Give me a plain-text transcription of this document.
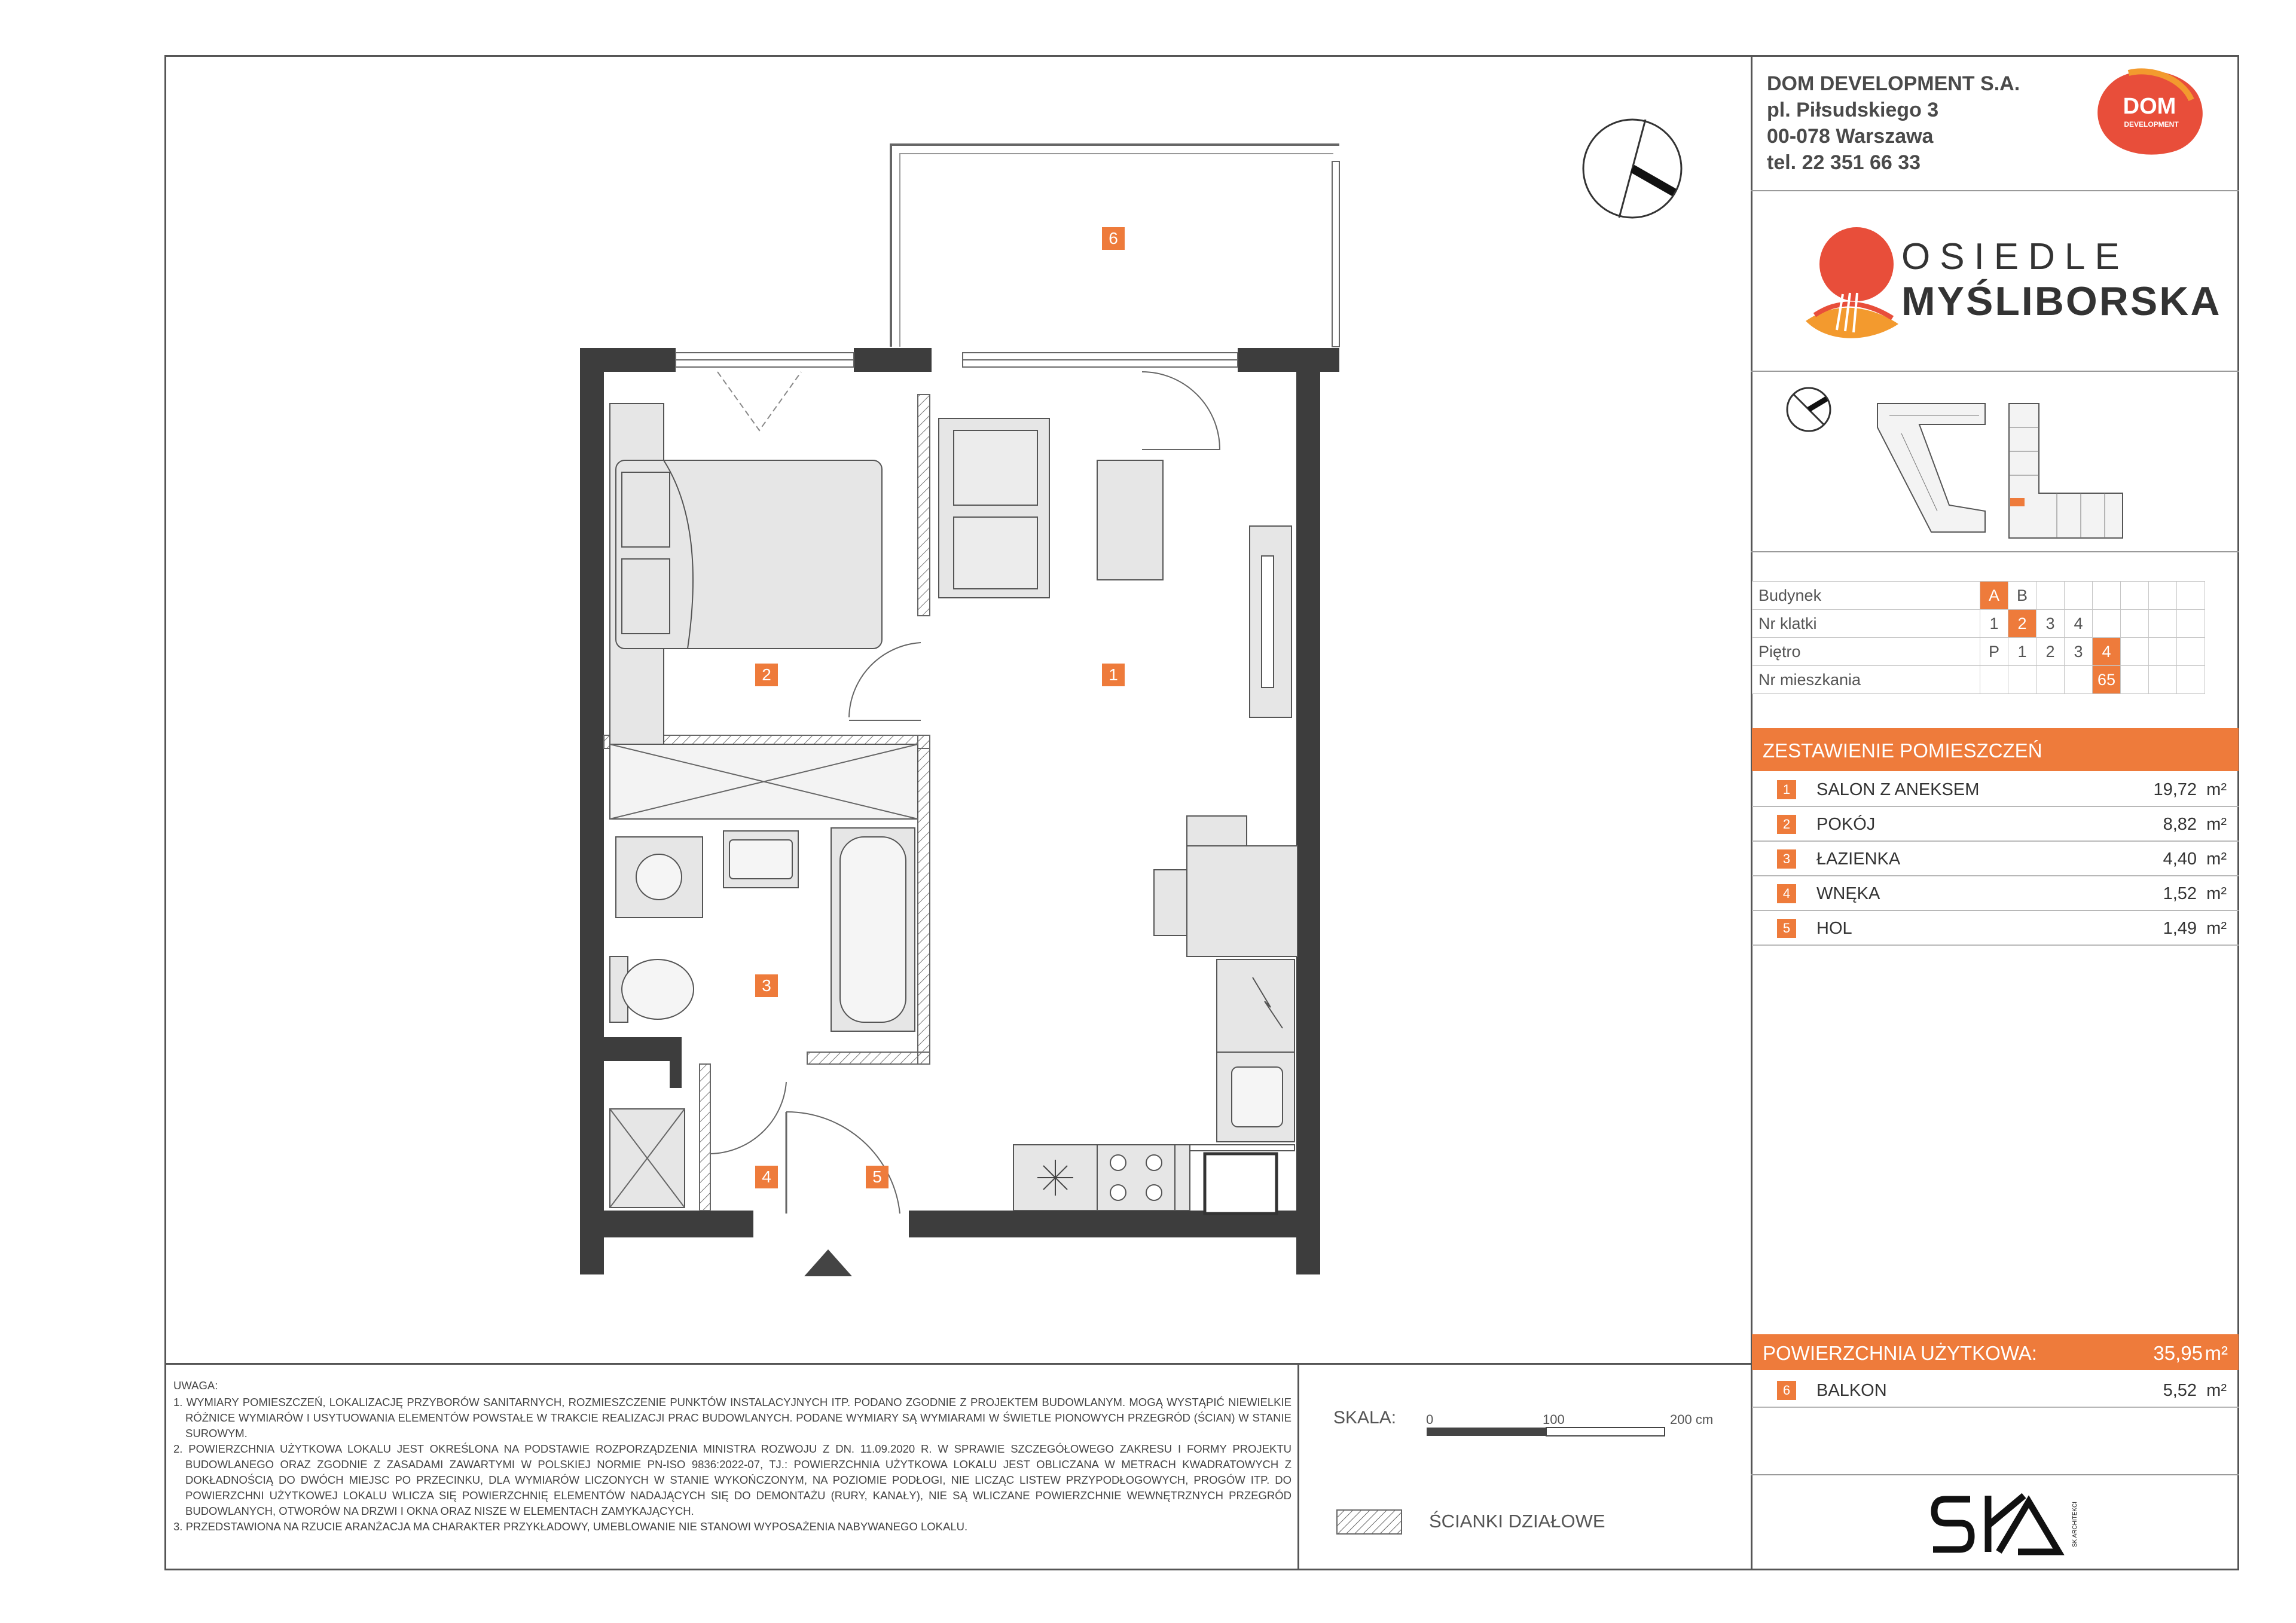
DOM DEVELOPMENT S.A.
pl. Piłsudskiego 3
00-078 Warszawa
tel. 22 351 66 33
DOM
DEVELOPMENT
OSIEDLE
MYŚLIBORSKA
Budynek	A	B						
Nr klatki	1	2	3	4				
Piętro	P	1	2	3	4			
Nr mieszkania					65			
ZESTAWIENIE POMIESZCZEŃ
1	SALON Z ANEKSEM	19,72 m²
2	POKÓJ	8,82 m²
3	ŁAZIENKA	4,40 m²
4	WNĘKA	1,52 m²
5	HOL	1,49 m²
POWIERZCHNIA UŻYTKOWA:	35,95 m²
6	BALKON	5,52 m²
SK ARCHITEKCI
UWAGA:
1. WYMIARY POMIESZCZEŃ, LOKALIZACJĘ PRZYBORÓW SANITARNYCH, ROZMIESZCZENIE PUNKTÓW INSTALACYJNYCH ITP. PODANO ZGODNIE Z PROJEKTEM BUDOWLANYM. MOGĄ WYSTĄPIĆ NIEWIELKIE RÓŻNICE WYMIARÓW I USYTUOWANIA ELEMENTÓW POWSTAŁE W TRAKCIE REALIZACJI PRAC BUDOWLANYCH. PODANE WYMIARY SĄ WYMIARAMI W ŚWIETLE PIONOWYCH PRZEGRÓD (ŚCIAN) W STANIE SUROWYM.
2. POWIERZCHNIA UŻYTKOWA LOKALU JEST OKREŚLONA NA PODSTAWIE ROZPORZĄDZENIA MINISTRA ROZWOJU Z DN. 11.09.2020 R. W SPRAWIE SZCZEGÓŁOWEGO ZAKRESU I FORMY PROJEKTU BUDOWLANEGO ORAZ ZGODNIE Z ZASADAMI ZAWARTYMI W POLSKIEJ NORMIE PN-ISO 9836:2022-07, TJ.: POWIERZCHNIA UŻYTKOWA LOKALU JEST OBLICZANA W METRACH KWADRATOWYCH Z DOKŁADNOŚCIĄ DO DWÓCH MIEJSC PO PRZECINKU, DLA WYMIARÓW LICZONYCH W STANIE WYKOŃCZONYM, NA POZIOMIE PODŁOGI, NIE LICZĄC LISTEW PRZYPODŁOGOWYCH, PROGÓW ITP. DO POWIERZCHNI UŻYTKOWEJ LOKALU WLICZA SIĘ POWIERZCHNIĘ ELEMENTÓW NADAJĄCYCH SIĘ DO DEMONTAŻU (RURY, KANAŁY), NIE SĄ WLICZANE POWIERZCHNIE WEWNĘTRZNYCH PRZEGRÓD BUDOWLANYCH, OTWORÓW NA DRZWI I OKNA ORAZ NISZE W ELEMENTACH ZAMYKAJĄCYCH.
3. PRZEDSTAWIONA NA RZUCIE ARANŻACJA MA CHARAKTER PRZYKŁADOWY, UMEBLOWANIE NIE STANOWI WYPOSAŻENIA NABYWANEGO LOKALU.
SKALA: 0	100	200 cm
ŚCIANKI DZIAŁOWE
6
1
2
3
4	5
